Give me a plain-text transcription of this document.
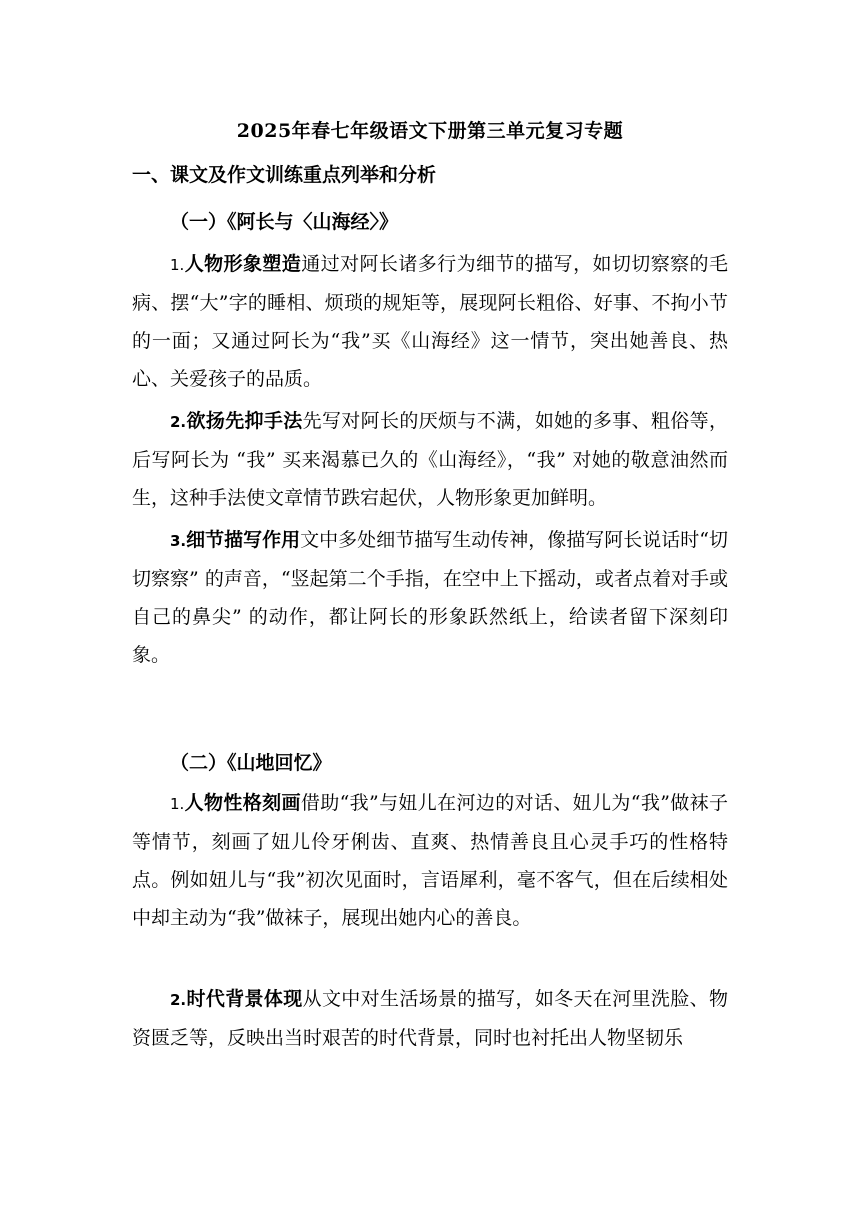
2025年春七年级语文下册第三单元复习专题
一、课文及作文训练重点列举和分析
（一）《阿长与〈山海经〉》
1.人物形象塑造通过对阿长诸多行为细节的描写，如切切察察的毛病、摆“大”字的睡相、烦琐的规矩等，展现阿长粗俗、好事、不拘小节的一面；又通过阿长为“我”买《山海经》这一情节，突出她善良、热心、关爱孩子的品质。
2.欲扬先抑手法先写对阿长的厌烦与不满，如她的多事、粗俗等，后写阿长为 “我” 买来渴慕已久的《山海经》，“我” 对她的敬意油然而生，这种手法使文章情节跌宕起伏，人物形象更加鲜明。
3.细节描写作用文中多处细节描写生动传神，像描写阿长说话时“切切察察” 的声音，“竖起第二个手指，在空中上下摇动，或者点着对手或自己的鼻尖” 的动作，都让阿长的形象跃然纸上，给读者留下深刻印象。
（二）《山地回忆》
1.人物性格刻画借助“我”与妞儿在河边的对话、妞儿为“我”做袜子等情节，刻画了妞儿伶牙俐齿、直爽、热情善良且心灵手巧的性格特点。例如妞儿与“我”初次见面时，言语犀利，毫不客气，但在后续相处中却主动为“我”做袜子，展现出她内心的善良。
2.时代背景体现从文中对生活场景的描写，如冬天在河里洗脸、物资匮乏等，反映出当时艰苦的时代背景，同时也衬托出人物坚韧乐
